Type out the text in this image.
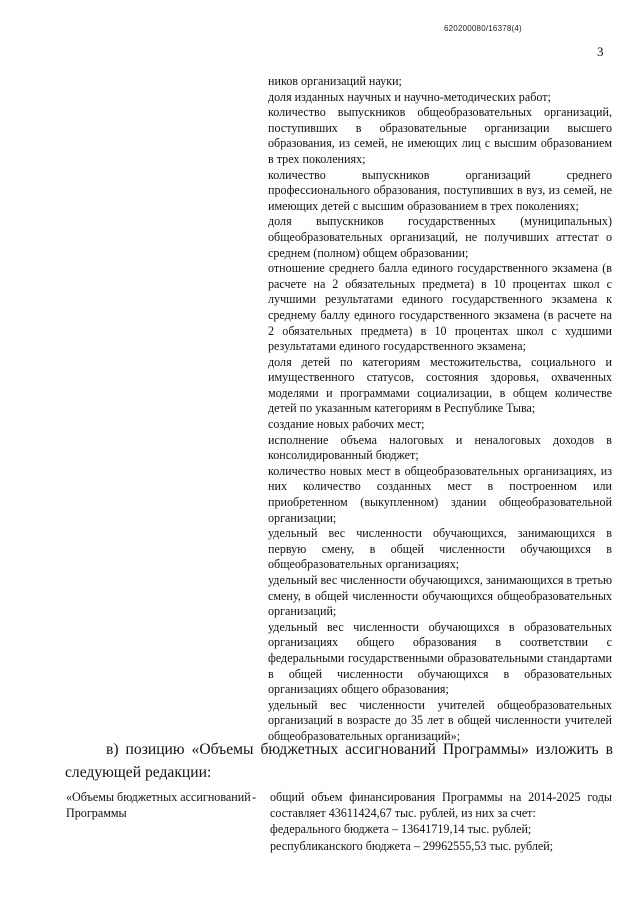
620200080/16378(4)
3

ников организаций науки;

доля изданных научных и научно-методических работ;

количество выпускников общеобразовательных организаций, поступивших в образовательные организации высшего образования, из семей, не имеющих лиц с высшим образованием в трех поколениях;

количество выпускников организаций среднего профессионального образования, поступивших в вуз, из семей, не имеющих детей с высшим образованием в трех поколениях;

доля выпускников государственных (муниципальных) общеобразовательных организаций, не получивших аттестат о среднем (полном) общем образовании;

отношение среднего балла единого государственного экзамена (в расчете на 2 обязательных предмета) в 10 процентах школ с лучшими результатами единого государственного экзамена к среднему баллу единого государственного экзамена (в расчете на 2 обязательных предмета) в 10 процентах школ с худшими результатами единого государственного экзамена;

доля детей по категориям местожительства, социального и имущественного статусов, состояния здоровья, охваченных моделями и программами социализации, в общем количестве детей по указанным категориям в Республике Тыва;

создание новых рабочих мест;

исполнение объема налоговых и неналоговых доходов в консолидированный бюджет;

количество новых мест в общеобразовательных организациях, из них количество созданных мест в построенном или приобретенном (выкупленном) здании общеобразовательной организации;

удельный вес численности обучающихся, занимающихся в первую смену, в общей численности обучающихся в общеобразовательных организациях;

удельный вес численности обучающихся, занимающихся в третью смену, в общей численности обучающихся общеобразовательных организаций;

удельный вес численности обучающихся в образовательных организациях общего образования в соответствии с федеральными государственными образовательными стандартами в общей численности обучающихся в образовательных организациях общего образования;

удельный вес численности учителей общеобразовательных организаций в возрасте до 35 лет в общей численности учителей общеобразовательных организаций»;

в) позицию «Объемы бюджетных ассигнований Программы» изложить в следующей редакции:

«Объемы бюджетных ассигнований Программы
- общий объем финансирования Программы на 2014-2025 годы составляет 43611424,67 тыс. рублей, из них за счет:

федерального бюджета – 13641719,14 тыс. рублей;

республиканского бюджета – 29962555,53 тыс. рублей;
